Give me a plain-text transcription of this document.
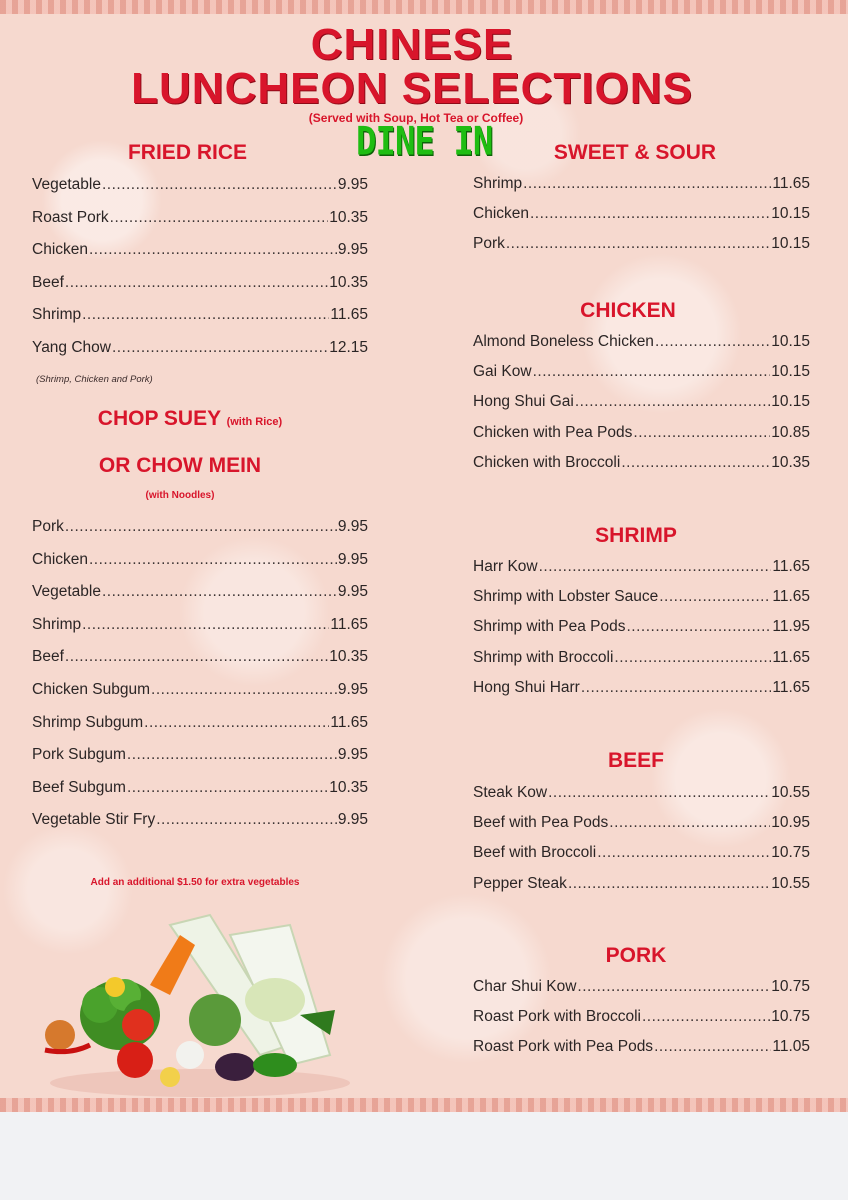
CHINESE
LUNCHEON SELECTIONS
(Served with Soup, Hot Tea or Coffee)
DINE IN
FRIED RICE
Vegetable .....	9.95
Roast Pork .....	10.35
Chicken .....	9.95
Beef .....	10.35
Shrimp .....	11.65
Yang Chow .....	12.15
(Shrimp, Chicken and Pork)
CHOP SUEY (with Rice)
OR CHOW MEIN
(with Noodles)
Pork .....	9.95
Chicken .....	9.95
Vegetable .....	9.95
Shrimp .....	11.65
Beef .....	10.35
Chicken Subgum .....	9.95
Shrimp Subgum .....	11.65
Pork Subgum .....	9.95
Beef Subgum .....	10.35
Vegetable Stir Fry .....	9.95
Add an additional $1.50 for extra vegetables
SWEET & SOUR
Shrimp .....	11.65
Chicken .....	10.15
Pork .....	10.15
CHICKEN
Almond Boneless Chicken .....	10.15
Gai Kow .....	10.15
Hong Shui Gai .....	10.15
Chicken with Pea Pods .....	10.85
Chicken with Broccoli .....	10.35
SHRIMP
Harr Kow .....	11.65
Shrimp with Lobster Sauce .....	11.65
Shrimp with Pea Pods .....	11.95
Shrimp with Broccoli .....	11.65
Hong Shui Harr .....	11.65
BEEF
Steak Kow .....	10.55
Beef with Pea Pods .....	10.95
Beef with Broccoli .....	10.75
Pepper Steak .....	10.55
PORK
Char Shui Kow .....	10.75
Roast Pork with Broccoli .....	10.75
Roast Pork with Pea Pods .....	11.05
